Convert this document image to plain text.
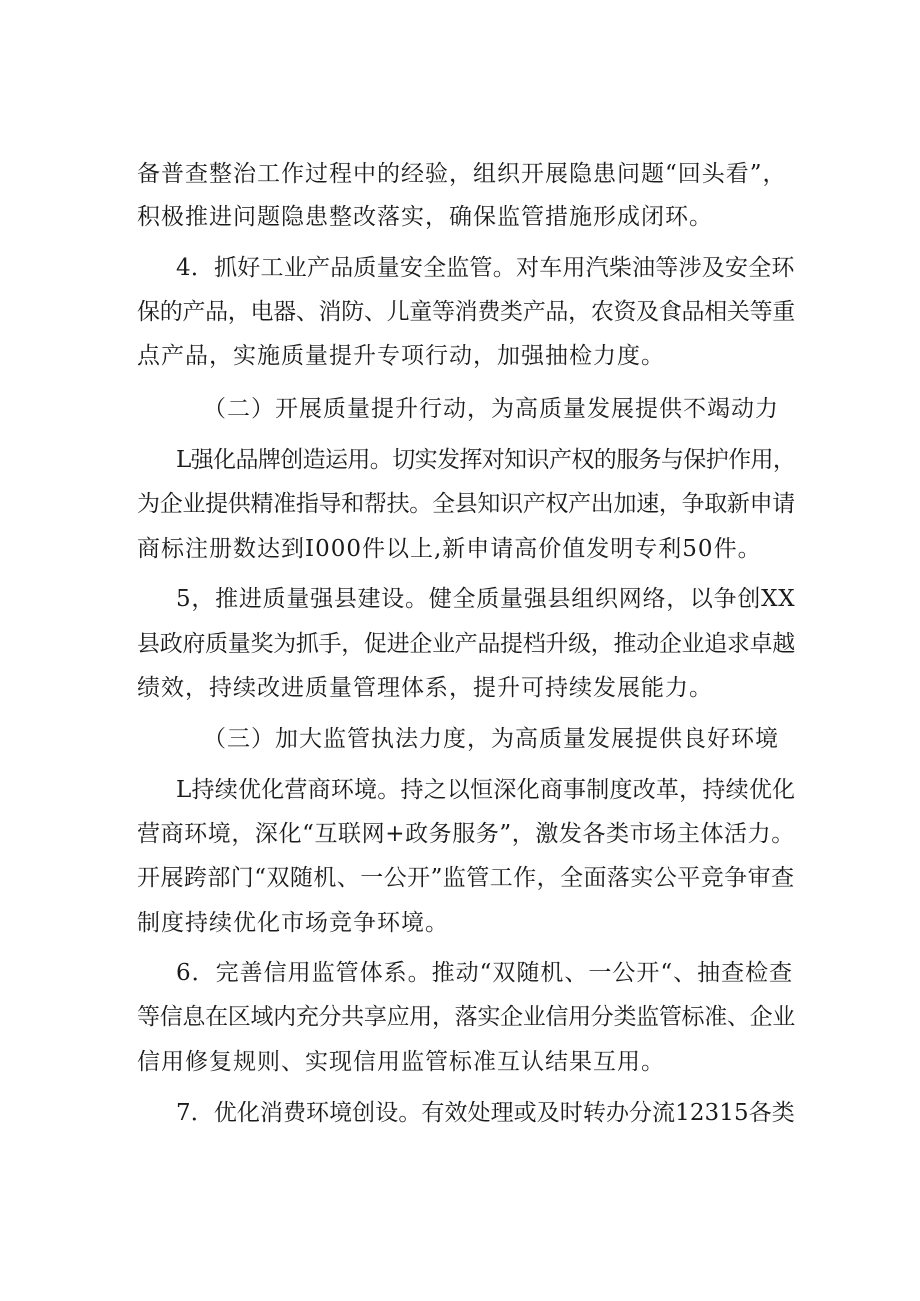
备普查整治工作过程中的经验，组织开展隐患问题“回头看”，
积极推进问题隐患整改落实，确保监管措施形成闭环。
4．抓好工业产品质量安全监管。对车用汽柴油等涉及安全环
保的产品，电器、消防、儿童等消费类产品，农资及食品相关等重
点产品，实施质量提升专项行动，加强抽检力度。
（二）开展质量提升行动，为高质量发展提供不竭动力
L强化品牌创造运用。切实发挥对知识产权的服务与保护作用，
为企业提供精准指导和帮扶。全县知识产权产出加速，争取新申请
商标注册数达到I000件以上,新申请高价值发明专利50件。
5，推进质量强县建设。健全质量强县组织网络，以争创XX
县政府质量奖为抓手，促进企业产品提档升级，推动企业追求卓越
绩效，持续改进质量管理体系，提升可持续发展能力。
（三）加大监管执法力度，为高质量发展提供良好环境
L持续优化营商环境。持之以恒深化商事制度改革，持续优化
营商环境，深化“互联网+政务服务”，激发各类市场主体活力。
开展跨部门“双随机、一公开”监管工作，全面落实公平竞争审查
制度持续优化市场竞争环境。
6．完善信用监管体系。推动“双随机、一公开“、抽查检查
等信息在区域内充分共享应用，落实企业信用分类监管标准、企业
信用修复规则、实现信用监管标准互认结果互用。
7．优化消费环境创设。有效处理或及时转办分流12315各类
